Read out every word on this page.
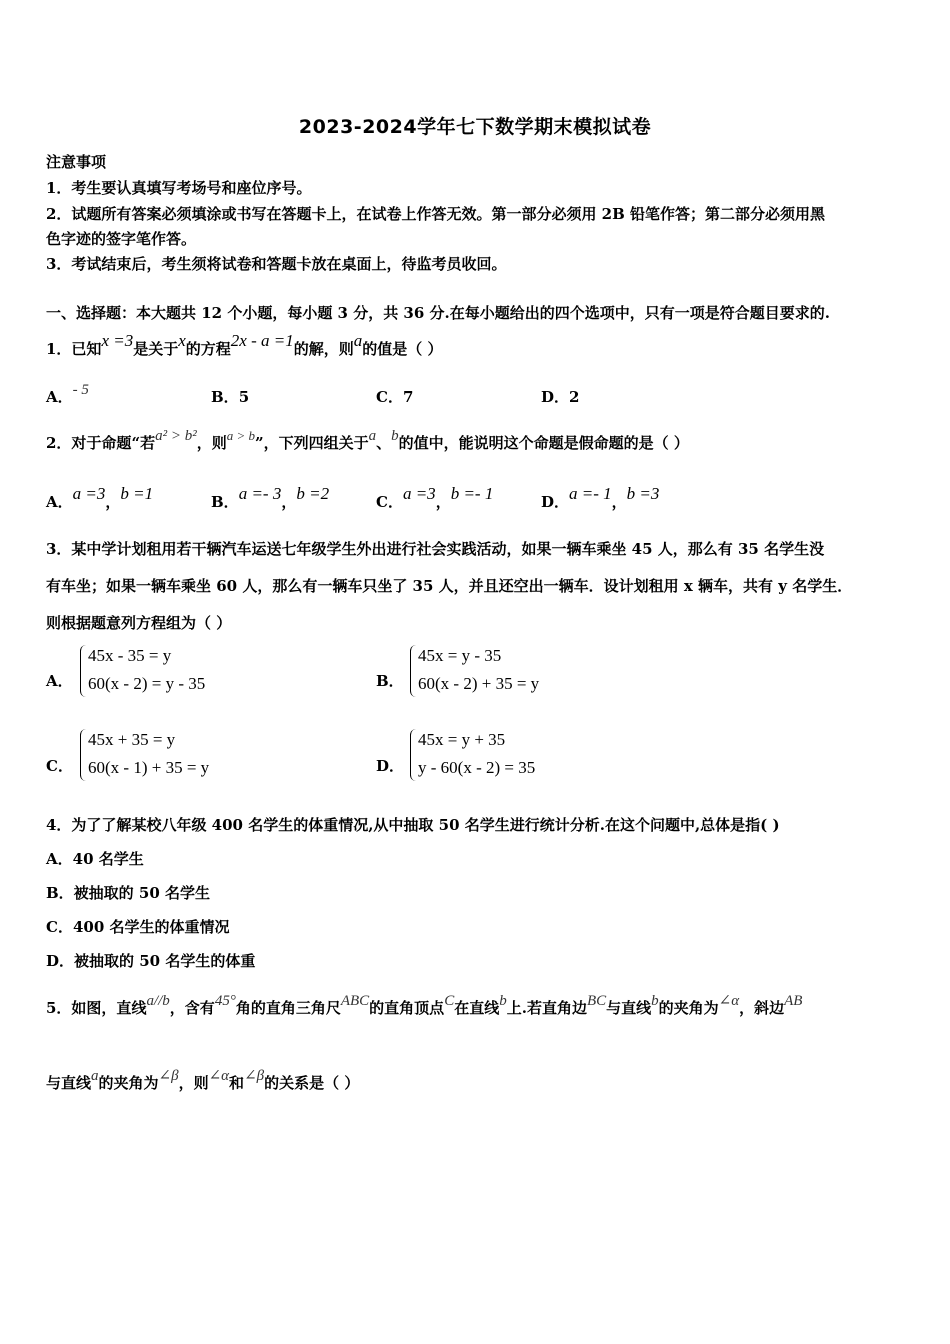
2023-2024学年七下数学期末模拟试卷
注意事项
1．考生要认真填写考场号和座位序号。
2．试题所有答案必须填涂或书写在答题卡上，在试卷上作答无效。第一部分必须用 2B 铅笔作答；第二部分必须用黑
色字迹的签字笔作答。
3．考试结束后，考生须将试卷和答题卡放在桌面上，待监考员收回。
一、选择题：本大题共 12 个小题，每小题 3 分，共 36 分.在每小题给出的四个选项中，只有一项是符合题目要求的.
1．已知x =3是关于x的方程2x - a =1的解，则a的值是（ ）
A．- 5	B．5	C．7	D．2
2．对于命题“若a² > b²，则a > b”，下列四组关于a、b的值中，能说明这个命题是假命题的是（ ）
A．a =3，b =1	B．a =- 3，b =2	C．a =3，b =- 1	D．a =- 1，b =3
3．某中学计划租用若干辆汽车运送七年级学生外出进行社会实践活动，如果一辆车乘坐 45 人，那么有 35 名学生没
有车坐；如果一辆车乘坐 60 人，那么有一辆车只坐了 35 人，并且还空出一辆车．设计划租用 x 辆车，共有 y 名学生．
则根据题意列方程组为（ ）
A．
45x - 35 = y
60(x - 2) = y - 35	B．
45x = y - 35
60(x - 2) + 35 = y
C．
45x + 35 = y
60(x - 1) + 35 = y	D．
45x = y + 35
y - 60(x - 2) = 35
4．为了了解某校八年级 400 名学生的体重情况,从中抽取 50 名学生进行统计分析.在这个问题中,总体是指( )
A．40 名学生
B．被抽取的 50 名学生
C．400 名学生的体重情况
D．被抽取的 50 名学生的体重
5．如图，直线a//b，含有45°角的直角三角尺ABC的直角顶点C在直线b上.若直角边BC与直线b的夹角为∠α，斜边AB
与直线a的夹角为∠β，则∠α和∠β的关系是（ ）
